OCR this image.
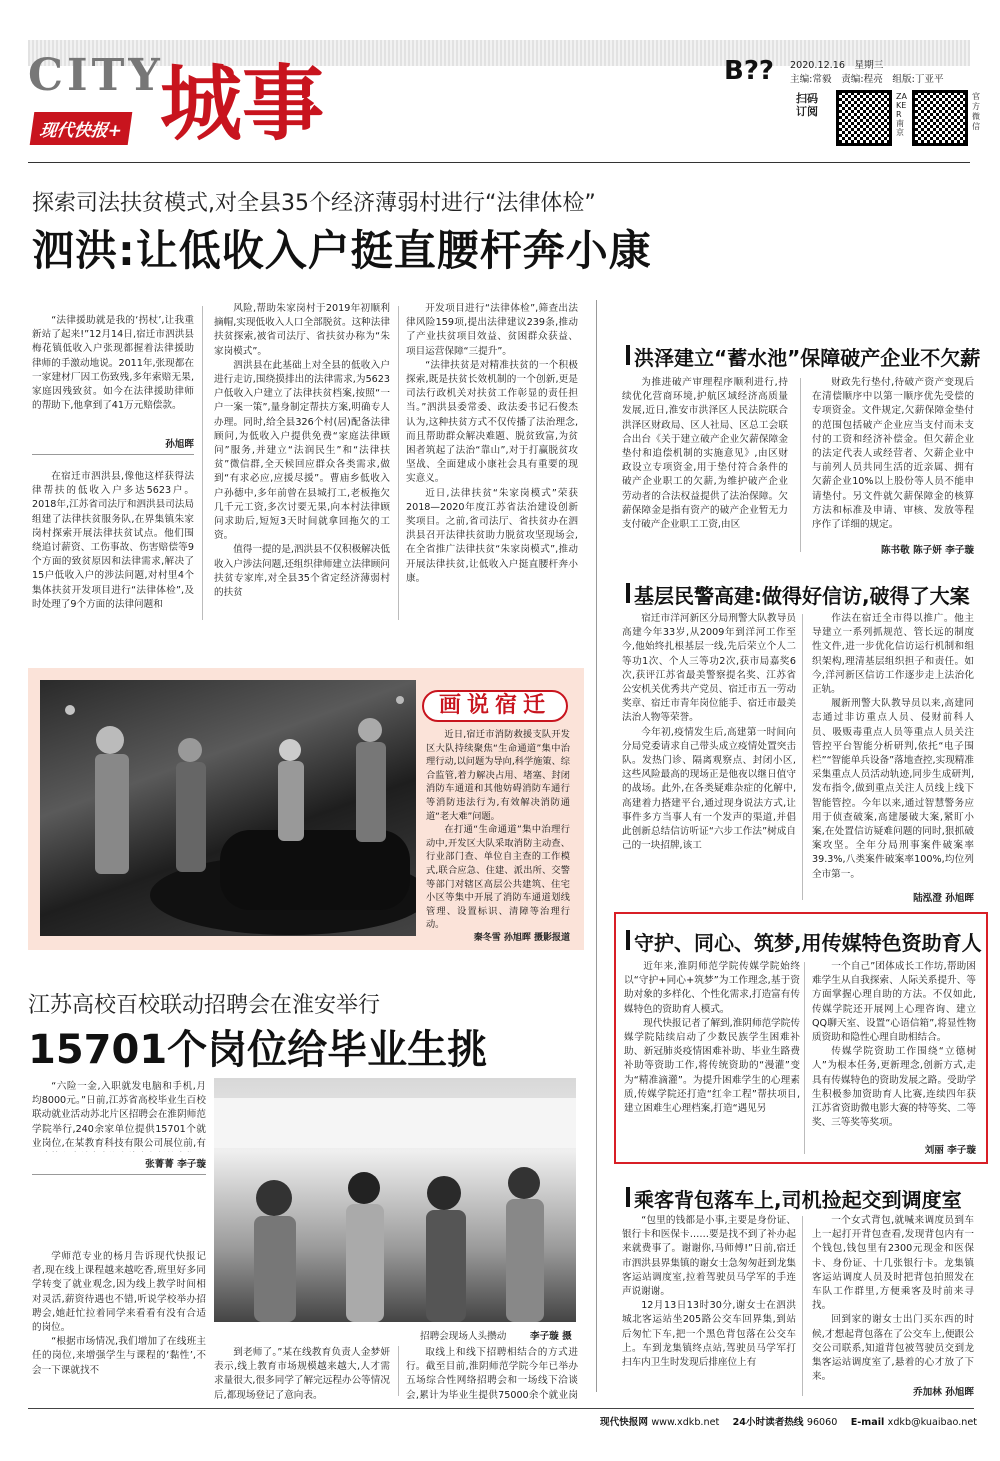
CITY
现代快报+ 城事	B?? 2020.12.16　星期三
主编:常毅　责编:程亮　组版:丁亚平
扫码订阅
ZAKER南京
官方微信
探索司法扶贫模式,对全县35个经济薄弱村进行“法律体检”
泗洪:让低收入户挺直腰杆奔小康

“法律援助就是我的‘拐杖’,让我重新站了起来!”12月14日,宿迁市泗洪县梅花镇低收入户张现都握着法律援助律师的手激动地说。2011年,张现都在一家建材厂因工伤致残,多年索赔无果,家庭因残致贫。如今在法律援助律师的帮助下,他拿到了41万元赔偿款。

孙旭晖

在宿迁市泗洪县,像他这样获得法律帮扶的低收入户多达5623户。2018年,江苏省司法厅和泗洪县司法局组建了法律扶贫服务队,在界集镇朱家岗村探索开展法律扶贫试点。他们围绕追讨薪资、工伤事故、伤害赔偿等9个方面的致贫原因和法律需求,解决了15户低收入户的涉法问题,对村里4个集体扶贫开发项目进行“法律体检”,及时处理了9个方面的法律问题和

风险,帮助朱家岗村于2019年初顺利摘帽,实现低收入人口全部脱贫。这种法律扶贫探索,被省司法厅、省扶贫办称为“朱家岗模式”。

泗洪县在此基础上对全县的低收入户进行走访,围绕摸排出的法律需求,为5623户低收入户建立了法律扶贫档案,按照“一户一案一策”,量身制定帮扶方案,明确专人办理。同时,给全县326个村(居)配备法律顾问,为低收入户提供免费“家庭法律顾问”服务,并建立“法润民生”和“法律扶贫”微信群,全天候回应群众各类需求,做到“有求必应,应援尽援”。曹庙乡低收入户孙德中,多年前曾在县城打工,老板拖欠几千元工资,多次讨要无果,向本村法律顾问求助后,短短3天时间就拿回拖欠的工资。

值得一提的是,泗洪县不仅积极解决低收入户涉法问题,还组织律师建立法律顾问扶贫专家库,对全县35个省定经济薄弱村的扶贫

开发项目进行“法律体检”,筛查出法律风险159项,提出法律建议239条,推动了产业扶贫项目效益、贫困群众获益、项目运营保障“三提升”。

“法律扶贫是对精准扶贫的一个积极探索,既是扶贫长效机制的一个创新,更是司法行政机关对扶贫工作彰显的责任担当。”泗洪县委常委、政法委书记石俊杰认为,这种扶贫方式不仅传播了法治理念,而且帮助群众解决难题、脱贫致富,为贫困者筑起了法治“靠山”,对于打赢脱贫攻坚战、全面建成小康社会具有重要的现实意义。

近日,法律扶贫“朱家岗模式”荣获2018—2020年度江苏省法治建设创新奖项目。之前,省司法厅、省扶贫办在泗洪县召开法律扶贫助力脱贫攻坚现场会,在全省推广法律扶贫“朱家岗模式”,推动开展法律扶贫,让低收入户挺直腰杆奔小康。

画说宿迁

近日,宿迁市消防救援支队开发区大队持续聚焦“生命通道”集中治理行动,以问题为导向,科学施策、综合监管,着力解决占用、堵塞、封闭消防车通道和其他妨碍消防车通行等消防违法行为,有效解决消防通道“老大难”问题。

在打通“生命通道”集中治理行动中,开发区大队采取消防主动查、行业部门查、单位自主查的工作模式,联合应急、住建、派出所、交警等部门对辖区高层公共建筑、住宅小区等集中开展了消防车通道划线管理、设置标识、清障等治理行动。

秦冬雪 孙旭晖 摄影报道
江苏高校百校联动招聘会在淮安举行
15701个岗位给毕业生挑

“六险一金,入职就发电脑和手机,月均8000元。”日前,江苏省高校毕业生百校联动就业活动苏北片区招聘会在淮阴师范学院举行,240余家单位提供15701个就业岗位,在某教育科技有限公司展位前,有

张菁菁 李子璇

学师范专业的杨月告诉现代快报记者,现在线上课程越来越吃香,班里好多同学转变了就业观念,因为线上教学时间相对灵活,薪资待遇也不错,听说学校举办招聘会,她赶忙拉着同学来看看有没有合适的岗位。

“根据市场情况,我们增加了在线班主任的岗位,来增强学生与课程的‘黏性’,不会一下课就找不

招聘会现场人头攒动 李子璇 摄

到老师了。”某在线教育负责人金梦妍表示,线上教育市场规模越来越大,人才需求量很大,很多同学了解完远程办公等情况后,都现场登记了意向表。

取线上和线下招聘相结合的方式进行。截至目前,淮阴师范学院今年已举办五场综合性网络招聘会和一场线下洽谈会,累计为毕业生提供75000余个就业岗

洪泽建立“蓄水池”保障破产企业不欠薪

为推进破产审理程序顺利进行,持续优化营商环境,护航区域经济高质量发展,近日,淮安市洪泽区人民法院联合洪泽区财政局、区人社局、区总工会联合出台《关于建立破产企业欠薪保障金垫付和追偿机制的实施意见》,由区财政设立专项资金,用于垫付符合条件的破产企业职工的欠薪,为维护破产企业劳动者的合法权益提供了法治保障。欠薪保障金是指有资产的破产企业暂无力支付破产企业职工工资,由区

财政先行垫付,待破产资产变现后在清偿顺序中以第一顺序优先受偿的专项资金。文件规定,欠薪保障金垫付的范围包括破产企业应当支付而未支付的工资和经济补偿金。但欠薪企业的法定代表人或经营者、欠薪企业中与前列人员共同生活的近亲属、拥有欠薪企业10%以上股份等人员不能申请垫付。另文件就欠薪保障金的核算方法和标准及申请、审核、发放等程序作了详细的规定。

陈书敬 陈子妍 李子璇
基层民警高建:做得好信访,破得了大案

宿迁市洋河新区分局刑警大队教导员高建今年33岁,从2009年到洋河工作至今,他始终扎根基层一线,先后荣立个人二等功1次、个人三等功2次,获市局嘉奖6次,获评江苏省最美警察提名奖、江苏省公安机关优秀共产党员、宿迁市五一劳动奖章、宿迁市青年岗位能手、宿迁市最美法治人物等荣誉。

今年初,疫情发生后,高建第一时间向分局党委请求自己带头成立疫情处置突击队。发热门诊、隔离观察点、封闭小区,这些风险最高的现场正是他夜以继日值守的战场。此外,在各类疑难杂症的化解中,高建着力搭建平台,通过现身说法方式,让事件多方当事人有一个发声的渠道,并倡此创新总结信访听证“六步工作法”树成自己的一块招牌,该工

作法在宿迁全市得以推广。他主导建立一系列抓规范、管长远的制度性文件,进一步优化信访运行机制和组织架构,理清基层组织担子和责任。如今,洋河新区信访工作逐步走上法治化正轨。

履新刑警大队教导员以来,高建同志通过非访重点人员、侵财前科人员、吸贩毒重点人员等重点人员关注管控平台智能分析研判,依托“电子围栏”“智能单兵设备”落地查控,实现精准采集重点人员活动轨迹,同步生成研判,发布指令,做到重点关注人员线上线下智能管控。今年以来,通过智慧警务应用于侦查破案,高建屡破大案,紧盯小案,在处置信访疑难问题的同时,狠抓破案攻坚。全年分局刑事案件破案率39.3%,八类案件破案率100%,均位列全市第一。

陆泓澄 孙旭晖
守护、同心、筑梦,用传媒特色资助育人

近年来,淮阴师范学院传媒学院始终以“守护+同心+筑梦”为工作理念,基于资助对象的多样化、个性化需求,打造富有传媒特色的资助育人模式。

现代快报记者了解到,淮阴师范学院传媒学院陆续启动了少数民族学生困难补助、新冠肺炎疫情困难补助、毕业生路费补助等资助工作,将传统资助的“漫灌”变为“精准滴灌”。为提升困难学生的心理素质,传媒学院还打造“红伞工程”帮扶项目,建立困难生心理档案,打造“遇见另

一个自己”团体成长工作坊,帮助困难学生从自我探索、人际关系提升、等方面掌握心理自助的方法。不仅如此,传媒学院还开展网上心理咨询、建立QQ聊天室、设置“心语信箱”,将显性物质资助和隐性心理自助相结合。

传媒学院资助工作围绕“立德树人”为根本任务,更新理念,创新方式,走具有传媒特色的资助发展之路。受助学生积极参加资助育人比赛,连续四年获江苏省资助微电影大赛的特等奖、二等奖、三等奖等奖项。

刘丽 李子璇
乘客背包落车上,司机捡起交到调度室

“包里的钱都是小事,主要是身份证、银行卡和医保卡……要是找不到了补办起来就费事了。谢谢你,马师傅!”日前,宿迁市泗洪县界集镇的谢女士急匆匆赶到龙集客运站调度室,拉着驾驶员马学军的手连声说谢谢。

12月13日13时30分,谢女士在泗洪城北客运站坐205路公交车回界集,到站后匆忙下车,把一个黑色背包落在公交车上。车到龙集镇终点站,驾驶员马学军打扫车内卫生时发现后排座位上有

一个女式背包,就喊来调度员到车上一起打开背包查看,发现背包内有一个钱包,钱包里有2300元现金和医保卡、身份证、十几张银行卡。龙集镇客运站调度人员及时把背包拍照发在车队工作群里,方便乘客及时前来寻找。

回到家的谢女士出门买东西的时候,才想起背包落在了公交车上,便跟公交公司联系,知道背包被驾驶员交到龙集客运站调度室了,悬着的心才放了下来。

乔加林 孙旭晖
现代快报网 www.xdkb.net 24小时读者热线 96060 E-mail xdkb@kuaibao.net
